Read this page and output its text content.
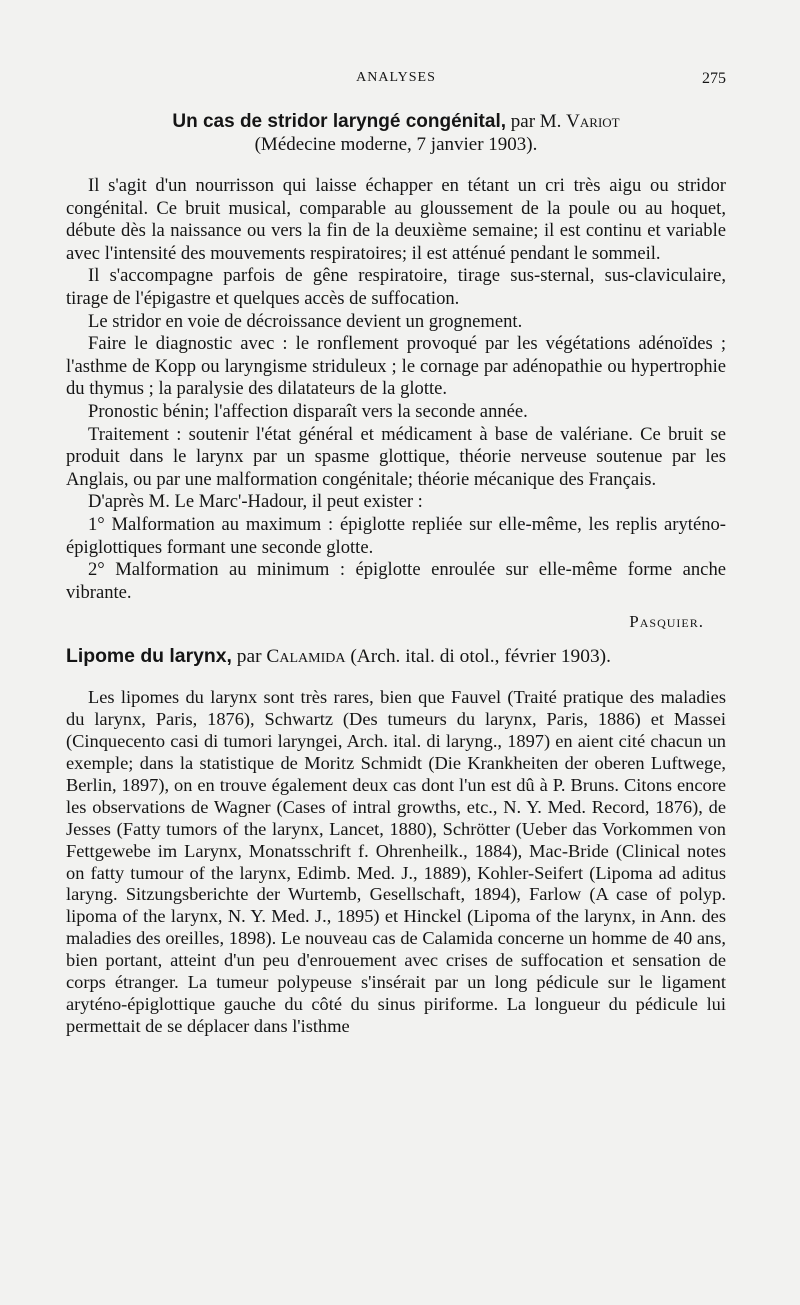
ANALYSES	275
Un cas de stridor laryngé congénital, par M. Variot
(Médecine moderne, 7 janvier 1903).

Il s'agit d'un nourrisson qui laisse échapper en tétant un cri très aigu ou stridor congénital. Ce bruit musical, comparable au gloussement de la poule ou au hoquet, débute dès la naissance ou vers la fin de la deuxième semaine; il est continu et variable avec l'intensité des mouvements respiratoires; il est atténué pendant le sommeil.

Il s'accompagne parfois de gêne respiratoire, tirage sus-sternal, sus-claviculaire, tirage de l'épigastre et quelques accès de suffocation.

Le stridor en voie de décroissance devient un grognement.

Faire le diagnostic avec : le ronflement provoqué par les végétations adénoïdes ; l'asthme de Kopp ou laryngisme striduleux ; le cornage par adénopathie ou hypertrophie du thymus ; la paralysie des dilatateurs de la glotte.

Pronostic bénin; l'affection disparaît vers la seconde année.

Traitement : soutenir l'état général et médicament à base de valériane. Ce bruit se produit dans le larynx par un spasme glottique, théorie nerveuse soutenue par les Anglais, ou par une malformation congénitale; théorie mécanique des Français.

D'après M. Le Marc'-Hadour, il peut exister :

1° Malformation au maximum : épiglotte repliée sur elle-même, les replis aryténo-épiglottiques formant une seconde glotte.

2° Malformation au minimum : épiglotte enroulée sur elle-même forme anche vibrante.

Pasquier.
Lipome du larynx, par Calamida (Arch. ital. di otol., février 1903).

Les lipomes du larynx sont très rares, bien que Fauvel (Traité pratique des maladies du larynx, Paris, 1876), Schwartz (Des tumeurs du larynx, Paris, 1886) et Massei (Cinquecento casi di tumori laryngei, Arch. ital. di laryng., 1897) en aient cité chacun un exemple; dans la statistique de Moritz Schmidt (Die Krankheiten der oberen Luftwege, Berlin, 1897), on en trouve également deux cas dont l'un est dû à P. Bruns. Citons encore les observations de Wagner (Cases of intral growths, etc., N. Y. Med. Record, 1876), de Jesses (Fatty tumors of the larynx, Lancet, 1880), Schrötter (Ueber das Vorkommen von Fettgewebe im Larynx, Monatsschrift f. Ohrenheilk., 1884), Mac-Bride (Clinical notes on fatty tumour of the larynx, Edimb. Med. J., 1889), Kohler-Seifert (Lipoma ad aditus laryng. Sitzungsberichte der Wurtemb, Gesellschaft, 1894), Farlow (A case of polyp. lipoma of the larynx, N. Y. Med. J., 1895) et Hinckel (Lipoma of the larynx, in Ann. des maladies des oreilles, 1898). Le nouveau cas de Calamida concerne un homme de 40 ans, bien portant, atteint d'un peu d'enrouement avec crises de suffocation et sensation de corps étranger. La tumeur polypeuse s'insérait par un long pédicule sur le ligament aryténo-épiglottique gauche du côté du sinus piriforme. La longueur du pédicule lui permettait de se déplacer dans l'isthme
